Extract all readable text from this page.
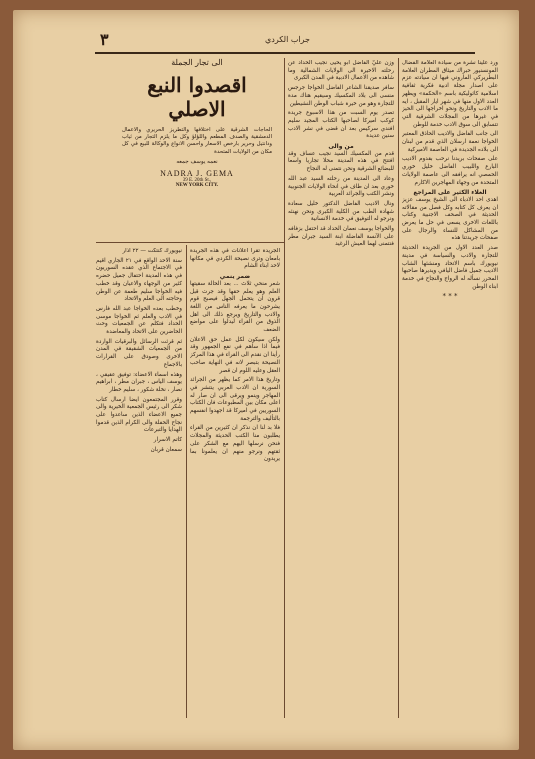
٣	جراب الكردي

ورد علينا نشرة من سيادة العلامة الفضال المونسنيور حبراك ميثاق المطران العلامة البطريركي الماروني فيها ان سيادته عزم على اصدار مجلة ادبية فكرية ثقافية اسلامية كاثوليكية باسم «الحكمة» ويظهر العدد الاول منها في شهر ايار المقبل ، ايه ما الادب والتاريخ ونحو اخراجها الى الحيز في غيرها من المجلات الشرقية التي تتسابق الى سوق الادب خدمة للوطن

الى جانب الفاضل والاديب الحاذق المعتبر الخواجا نعمة ارسلان الذي قدم من لبنان الى بلاده الجديدة في العاصمة الاميركية

على صفحات بريدنا نرحب بقدوم الاديب البارع واللبيب الفاضل خليل خوري الحمصي انه يرافقه الى عاصمة الولايات المتحدة من وجهاء المهاجرين الاكارم

الغلاء الكثير على المراجع

اهدى احد الادباء الى الشيخ يوسف عزيز ان يعرف كل كتابه وكل فصل من مقالاته الحديثة في الصحف الاجنبية وكتاب باللغات الاخرى يسعى في حل ما يعرض من المشاكل للنساء والرجال على صفحات جريدتنا هذه

صدر العدد الاول من الجريدة الحديثة للتجارة والادب والسياسة في مدينة نيويورك باسم الاتحاد ومنشئها الشاب الاديب جميل فاضل اليافي ويديرها صاحبها المحرر نسأله له الرواج والنجاح في خدمة ابناء الوطن

* * *

وزن عليّ الفاضل ابو يحيى نجيب الحداد عن رحلته الاخيرة الى الولايات الشمالية وما شاهده من الاعمال الادبية في المدن الكبرى

سافر صديقنا الشاعر الفاضل الخواجا جرجس منسى الى بلاد المكسيك وسيقيم هناك مدة للتجارة وهو من خيرة شباب الوطن النشيطين

تصدر يوم السبت من هذا الاسبوع جريدة كوكب اميركا لصاحبها الكتاب المجيد سليم افندي سركيس بعد ان قضى في نشر الادب سنين عديدة

من والى

قدم من المكسيك السيد نجيب عساف وقد افتتح في هذه المدينة محلا تجاريا واسعا للبضائع الشرقية ونحن نتمنى له النجاح

وعاد الى المدينة من رحلته السيد عبد الله خوري بعد ان طاف في انحاء الولايات الجنوبية ونشر الكتب والجرائد العربية

ونال الاديب الفاضل الدكتور خليل سعادة شهادة الطب من الكلية الكبرى ونحن نهنئه ونرجو له التوفيق في خدمة الانسانية

والخواجا يوسف نعمان الحداد قد احتفل بزفافه على الآنسة الفاضلة ابنة السيد جبران مطر فنتمنى لهما العيش الرغيد

الى تجار الجملة
اقصدوا النبع الاصلي
الحاجات الشرقية على اختلافها والتطريز الحريري والاعمال الدمشقية والصدف المطعم واللؤلؤ وكل ما يلزم التجار من ثياب ودانتيل وحرير بارخص الاسعار واحسن الانواع والوكالة للبيع في كل مكان من الولايات المتحدة
نعمه يوسف جمعه
NADRA J. GEMA
39 E. 20th St.,
NEW YORK CITY.

الجريدة تقرأ اعلانات في هذه الجريدة بامعان وترى نصيحة الكردي في مكانها لاحد ابناء الشام

ضمر ينمي

شعر منحي ثلاث ... بعد الحالة سقيتها العلم وهو يعلم حقها وقد جرت قبل قرون ان يتحمل الجهل فيصبح قوم يشرحون ما يعرفه الناس من اللغة والادب والتاريخ ويرجع ذلك الى اهل الذوق من القراء ليدلوا على مواضع الضعف

ولكن سيكون لكل عمل حق الاعلان فيما اذا ساهم في نفع الجمهور وقد رأينا ان نقدم الى القراء في هذا المركز النصيحة بتبصر لانه في النهاية صاحب العقل وعليه اللوم ان قصر

وتاريخ هذا الامر كما يظهر من الجرائد السورية ان الادب العربي ينتشر في المهاجر وينمو ويرقى الى ان صار له اعلى مكان بين المطبوعات فان الكتاب السوريين في اميركا قد اجهدوا انفسهم بالتأليف والترجمة

فلا بد لنا ان نذكر ان كثيرين من القراء يطلبون منا الكتب الحديثة والمجلات فنحن نرسلها اليهم مع الشكر على ثقتهم ونرجو منهم ان يعلمونا بما يريدون

نيويورك كنتكت — ٢٢ اذار

سنة الاحد الواقع في ٢١ الجاري اقيم في الاجتماع الذي عقده السوريون في هذه المدينة احتفال جميل حضره كثير من الوجهاء والاعيان وقد خطب فيه الخواجا سليم طعمة عن الوطن وحاجته الى العلم والاتحاد

وخطب بعده الخواجا عبد الله فارس في الادب والعلم ثم الخواجا موسى الحداد فتكلم عن الجمعيات وحث الحاضرين على الاتحاد والمعاضدة

ثم قرئت الرسائل والبرقيات الواردة من الجمعيات الشقيقة في المدن الاخرى وصودق على القرارات بالاجماع

وهذه اسماء الاعضاء: توفيق عقيقي ، يوسف الياس ، جبران مطر ، ابراهيم نصار ، نخلة شكور ، سليم خطار

وقرر المجتمعون ايضا ارسال كتاب شكر الى رئيس الجمعية الخيرية والى جميع الاعضاء الذين ساعدوا على نجاح الحفلة والى الكرام الذين قدموا الهدايا والتبرعات

كاتم الاسرار

سمعان قربان
